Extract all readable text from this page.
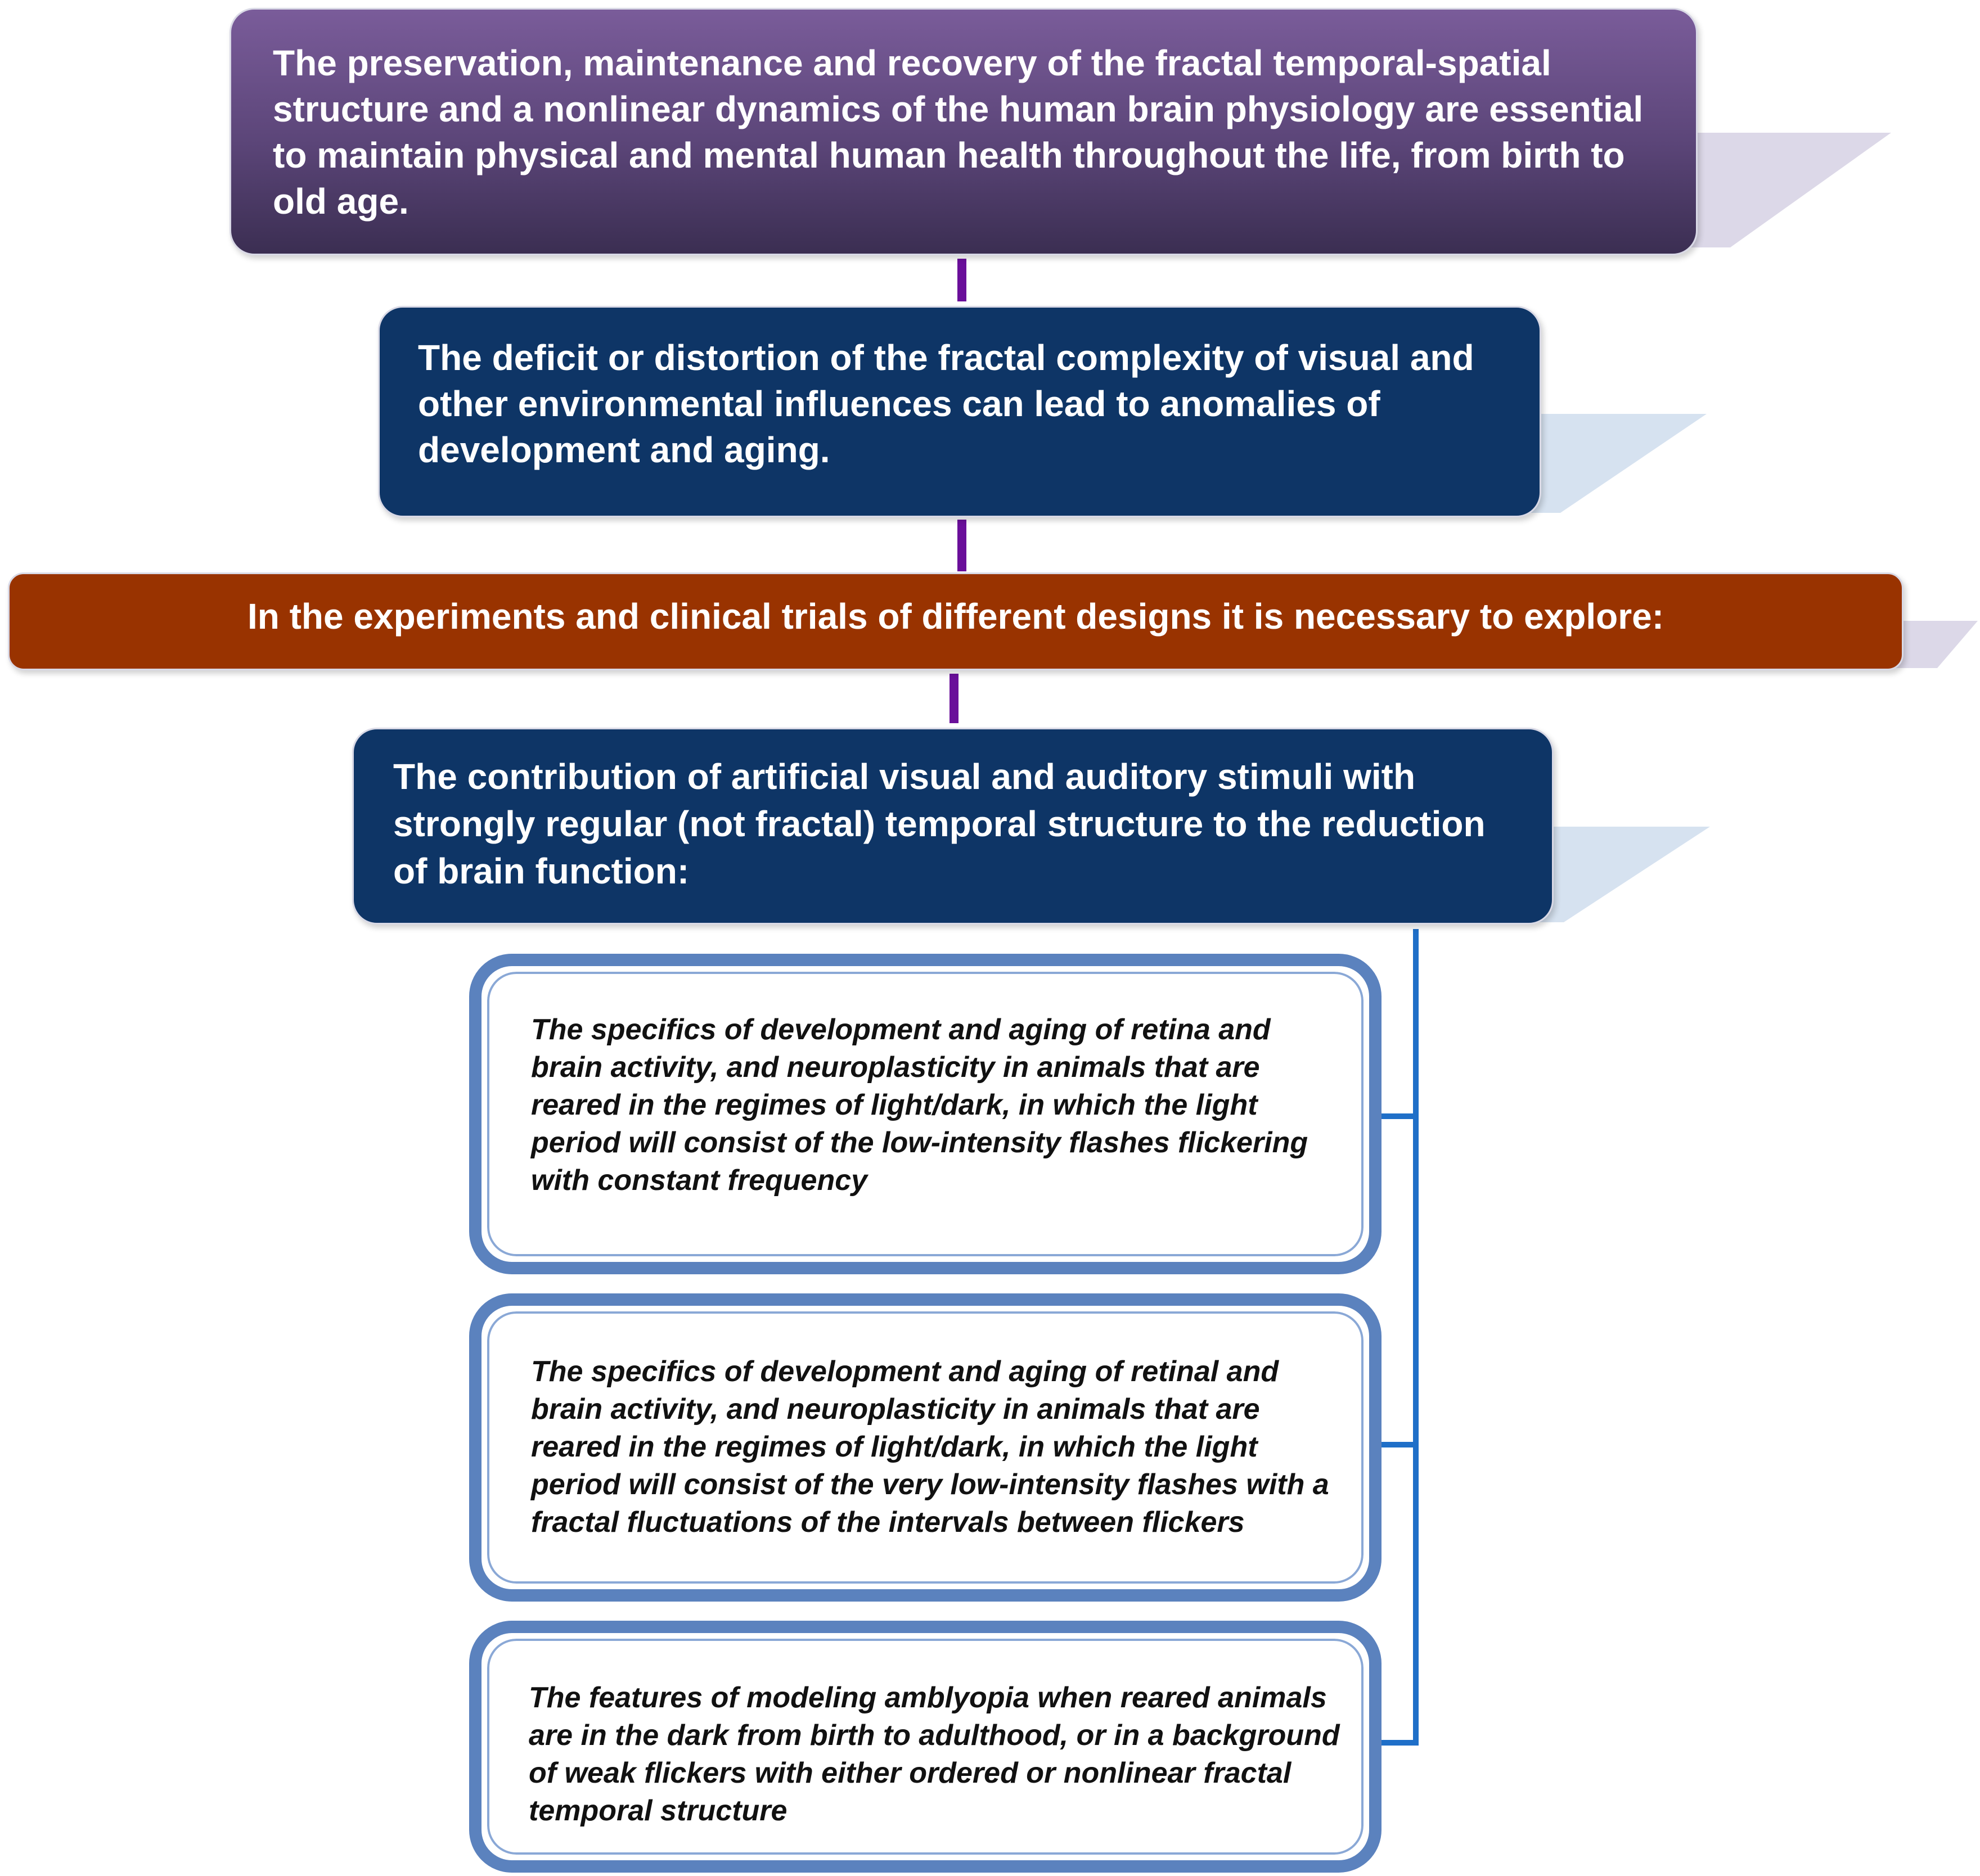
The preservation, maintenance and recovery of the fractal temporal-spatial structure and a nonlinear dynamics of the human brain physiology are essential to maintain physical and mental human health throughout the life, from birth to old age.

The deficit or distortion of the fractal complexity of visual and other environmental influences can lead to anomalies of development and aging.

In the experiments and clinical trials of different designs it is necessary to explore:

The contribution of artificial visual and auditory stimuli with strongly regular (not fractal) temporal structure to the reduction of brain function:

The specifics of development and aging of retina and brain activity, and neuroplasticity in animals that are reared in the regimes of light/dark, in which the light period will consist of the low-intensity flashes flickering with constant frequency
The specifics of development and aging of retinal and brain activity, and neuroplasticity in animals that are reared in the regimes of light/dark, in which the light period will consist of the very low-intensity flashes with a fractal fluctuations of the intervals between flickers
The features of modeling amblyopia when reared animals are in the dark from birth to adulthood, or in a background of weak flickers with either ordered or nonlinear fractal temporal structure
